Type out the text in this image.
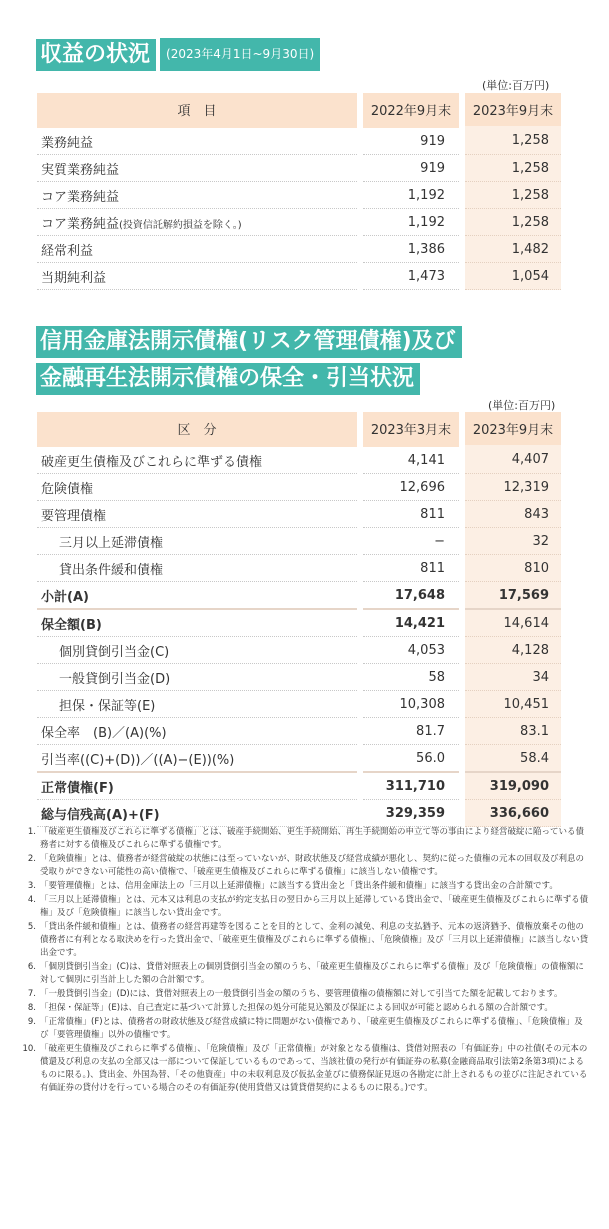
収益の状況 (2023年4月1日~9月30日)
(単位:百万円)
項　目		2022年9月末		2023年9月末
業務純益		919		1,258
実質業務純益		919		1,258
コア業務純益		1,192		1,258
コア業務純益(投資信託解約損益を除く。)		1,192		1,258
経常利益		1,386		1,482
当期純利益		1,473		1,054
信用金庫法開示債権(リスク管理債権)及び
金融再生法開示債権の保全・引当状況
(単位:百万円)
区　分		2023年3月末		2023年9月末
破産更生債権及びこれらに準ずる債権		4,141		4,407
危険債権		12,696		12,319
要管理債権		811		843
三月以上延滞債権		−		32
貸出条件緩和債権		811		810
小計(A)		17,648		17,569
保全額(B)		14,421		14,614
個別貸倒引当金(C)		4,053		4,128
一般貸倒引当金(D)		58		34
担保・保証等(E)		10,308		10,451
保全率　(B)／(A)(%)		81.7		83.1
引当率((C)+(D))／((A)−(E))(%)		56.0		58.4
正常債権(F)		311,710		319,090
総与信残高(A)+(F)		329,359		336,660
1. 「破産更生債権及びこれらに準ずる債権」とは、破産手続開始、更生手続開始、再生手続開始の申立て等の事由により経営破綻に陥っている債務者に対する債権及びこれらに準ずる債権です。
2. 「危険債権」とは、債務者が経営破綻の状態には至っていないが、財政状態及び経営成績が悪化し、契約に従った債権の元本の回収及び利息の受取りができない可能性の高い債権で、「破産更生債権及びこれらに準ずる債権」に該当しない債権です。
3. 「要管理債権」とは、信用金庫法上の「三月以上延滞債権」に該当する貸出金と「貸出条件緩和債権」に該当する貸出金の合計額です。
4. 「三月以上延滞債権」とは、元本又は利息の支払が約定支払日の翌日から三月以上延滞している貸出金で、「破産更生債権及びこれらに準ずる債権」及び「危険債権」に該当しない貸出金です。
5. 「貸出条件緩和債権」とは、債務者の経営再建等を図ることを目的として、金利の減免、利息の支払猶予、元本の返済猶予、債権放棄その他の債務者に有利となる取決めを行った貸出金で、「破産更生債権及びこれらに準ずる債権」、「危険債権」及び「三月以上延滞債権」に該当しない貸出金です。
6. 「個別貸倒引当金」(C)は、貸借対照表上の個別貸倒引当金の額のうち、「破産更生債権及びこれらに準ずる債権」及び「危険債権」の債権額に対して個別に引当計上した額の合計額です。
7. 「一般貸倒引当金」(D)には、貸借対照表上の一般貸倒引当金の額のうち、要管理債権の債権額に対して引当てた額を記載しております。
8. 「担保・保証等」(E)は、自己査定に基づいて計算した担保の処分可能見込額及び保証による回収が可能と認められる額の合計額です。
9. 「正常債権」(F)とは、債務者の財政状態及び経営成績に特に問題がない債権であり、「破産更生債権及びこれらに準ずる債権」、「危険債権」及び「要管理債権」以外の債権です。
10. 「破産更生債権及びこれらに準ずる債権」、「危険債権」及び「正常債権」が対象となる債権は、貸借対照表の「有価証券」中の社債(その元本の償還及び利息の支払の全部又は一部について保証しているものであって、当該社債の発行が有価証券の私募(金融商品取引法第2条第3項)によるものに限る。)、貸出金、外国為替、「その他資産」中の未収利息及び仮払金並びに債務保証見返の各勘定に計上されるもの並びに注記されている有価証券の貸付けを行っている場合のその有価証券(使用貸借又は賃貸借契約によるものに限る。)です。
